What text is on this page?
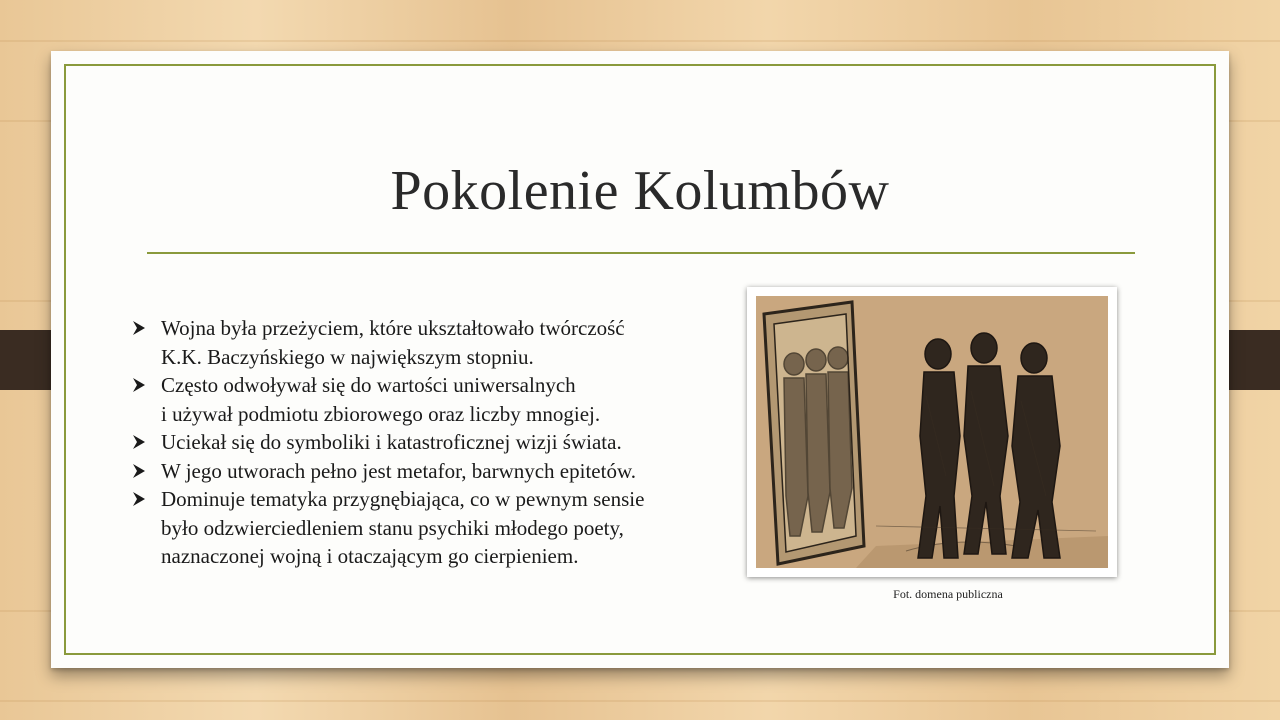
Pokolenie Kolumbów
Wojna była przeżyciem, które ukształtowało twórczość
K.K. Baczyńskiego w największym stopniu.
Często odwoływał się do wartości uniwersalnych
i używał podmiotu zbiorowego oraz liczby mnogiej.
Uciekał się do symboliki i katastroficznej wizji świata.
W jego utworach pełno jest metafor, barwnych epitetów.
Dominuje tematyka przygnębiająca, co w pewnym sensie
było odzwierciedleniem stanu psychiki młodego poety,
naznaczonej wojną i otaczającym go cierpieniem.
Fot. domena publiczna
